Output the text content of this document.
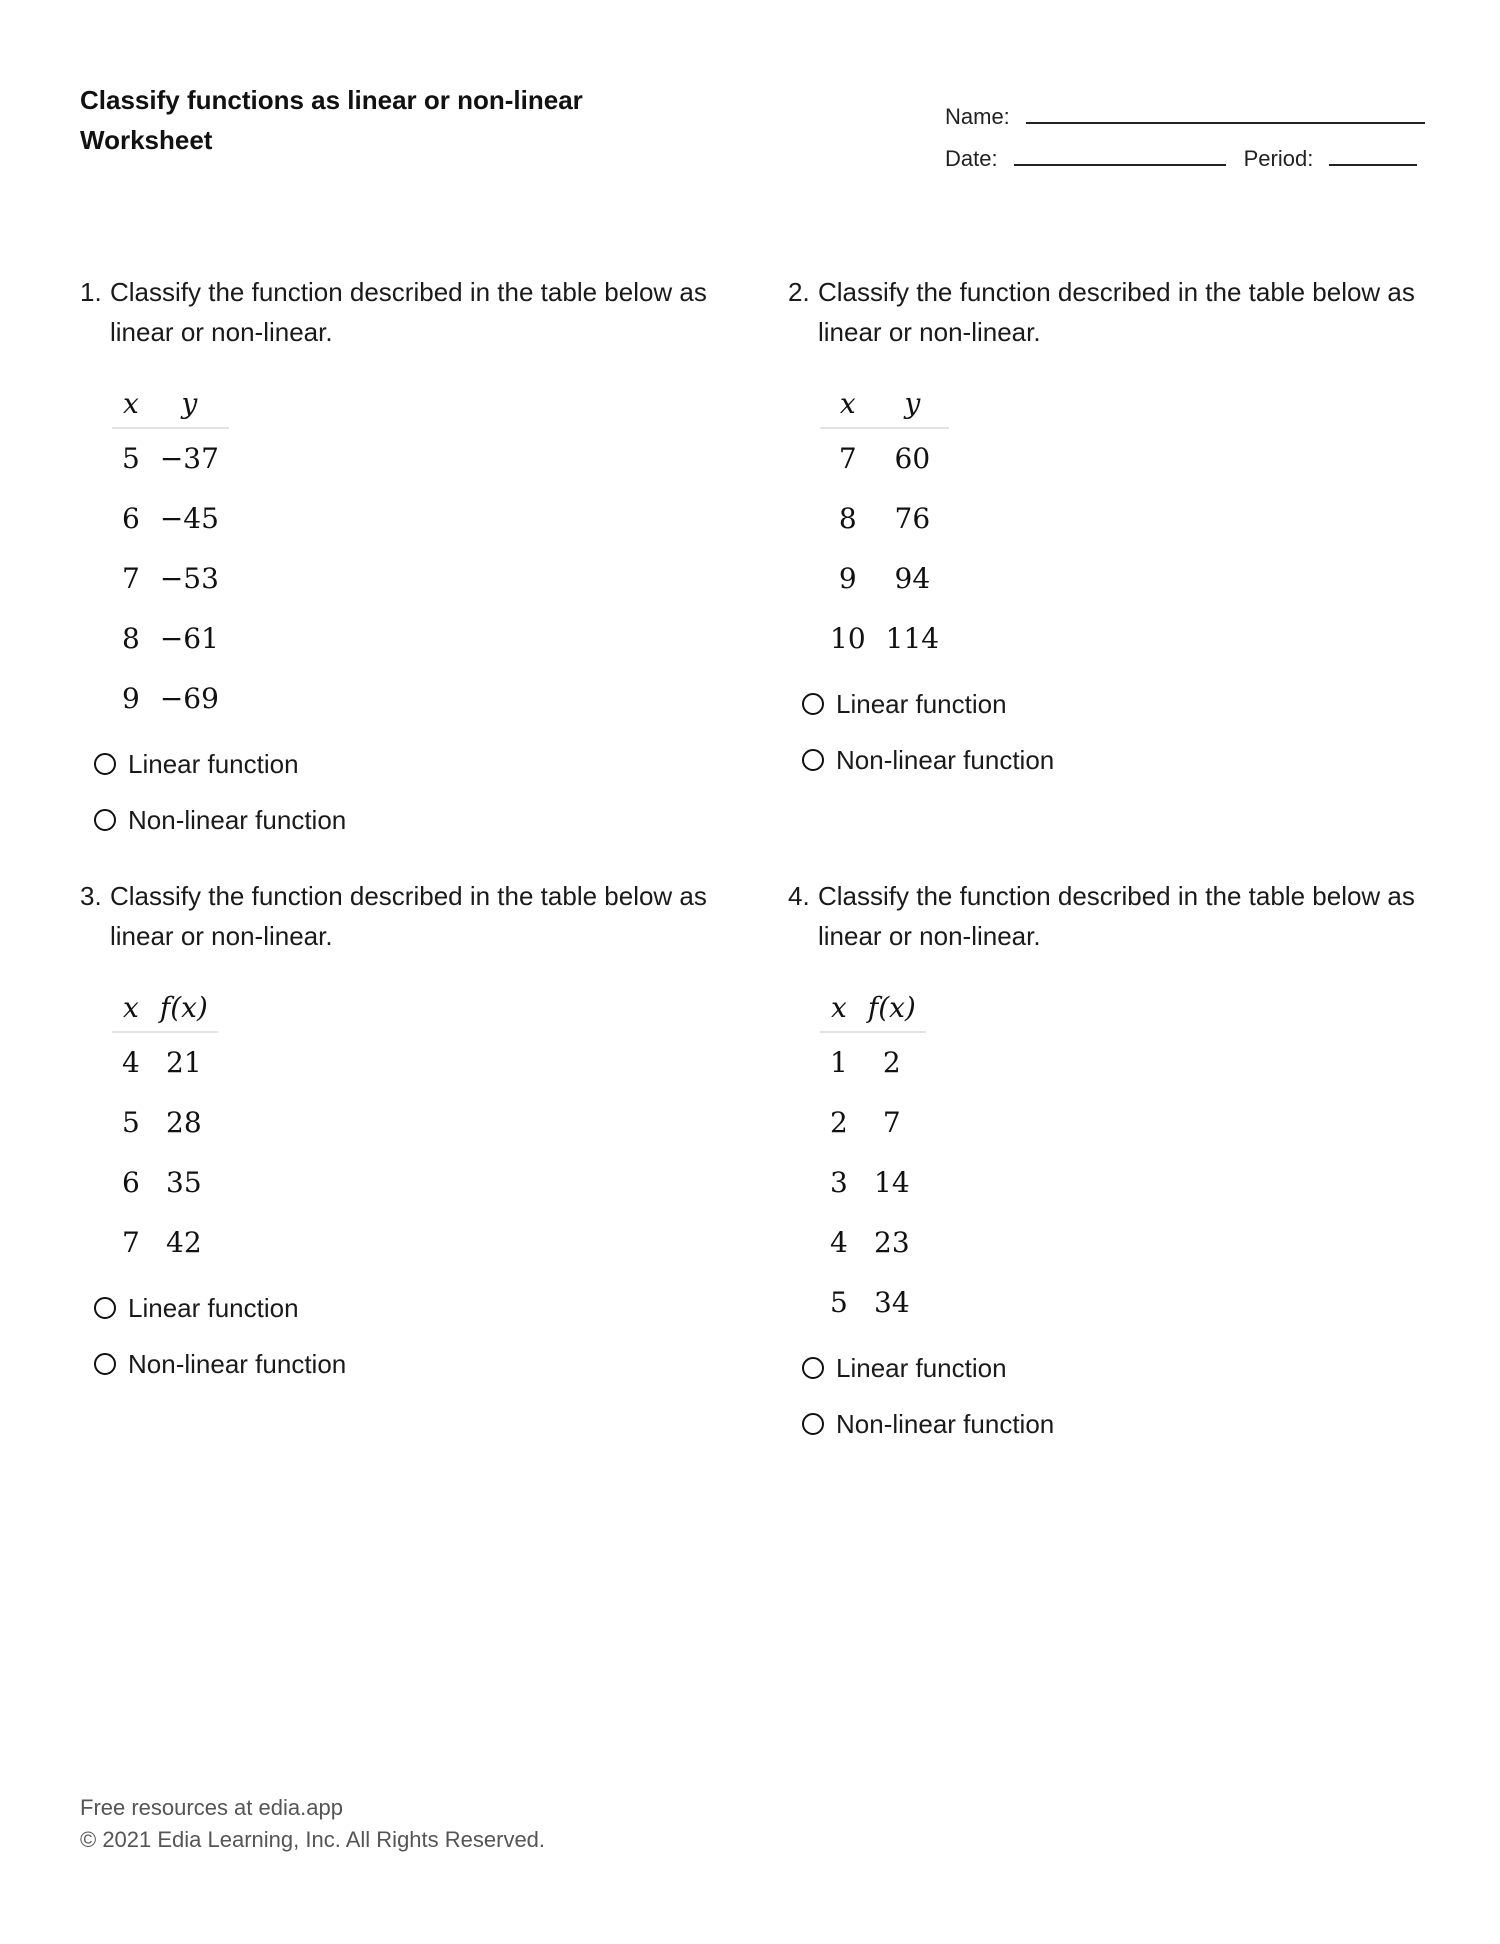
Classify functions as linear or non-linear
Worksheet
Name:
Date:	Period:
1. Classify the function described in the table below as linear or non-linear.
x	y
5	−37
6	−45
7	−53
8	−61
9	−69
Linear function
Non-linear function
2. Classify the function described in the table below as linear or non-linear.
x	y
7	60
8	76
9	94
10	114
Linear function
Non-linear function
3. Classify the function described in the table below as linear or non-linear.
x	f(x)
4	21
5	28
6	35
7	42
Linear function
Non-linear function
4. Classify the function described in the table below as linear or non-linear.
x	f(x)
1	2
2	7
3	14
4	23
5	34
Linear function
Non-linear function
Free resources at edia.app
© 2021 Edia Learning, Inc. All Rights Reserved.
